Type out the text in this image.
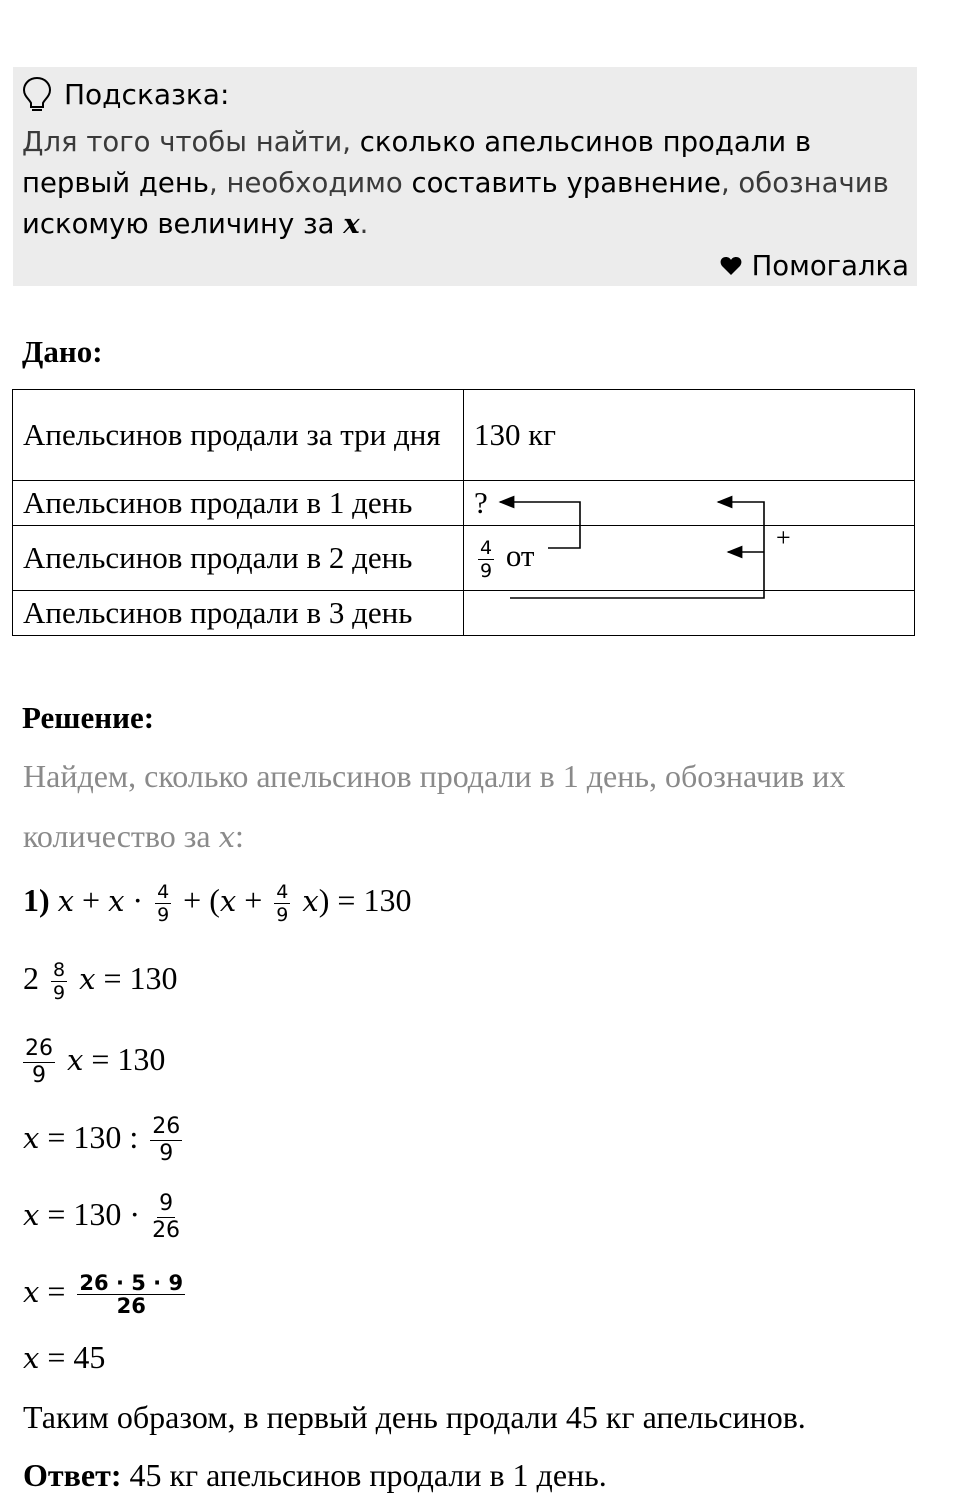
Подсказка:
Для того чтобы найти, сколько апельсинов продали в первый день, необходимо составить уравнение, обозначив искомую величину за x.
Помогалка
Дано:
Апельсинов продали за три дня	130 кг
Апельсинов продали в 1 день	?
Апельсинов продали в 2 день	$\frac{4}{9}$ от
Апельсинов продали в 3 день	
+
Решение:
Найдем, сколько апельсинов продали в 1 день, обозначив их
количество за x:
1) $x + x \cdot \frac{4}{9} + (x + \frac{4}{9} x) = 130$
$2 \frac{8}{9}$ x = 130
$\frac{26}{9}$ x = 130
x = 130 : $\frac{26}{9}$
$x = 130 \cdot \frac{9}{26}$
$x = \frac{26 \cdot 5 \cdot 9}{26}$
x = 45
Таким образом, в первый день продали 45 кг апельсинов.
Ответ: 45 кг апельсинов продали в 1 день.
